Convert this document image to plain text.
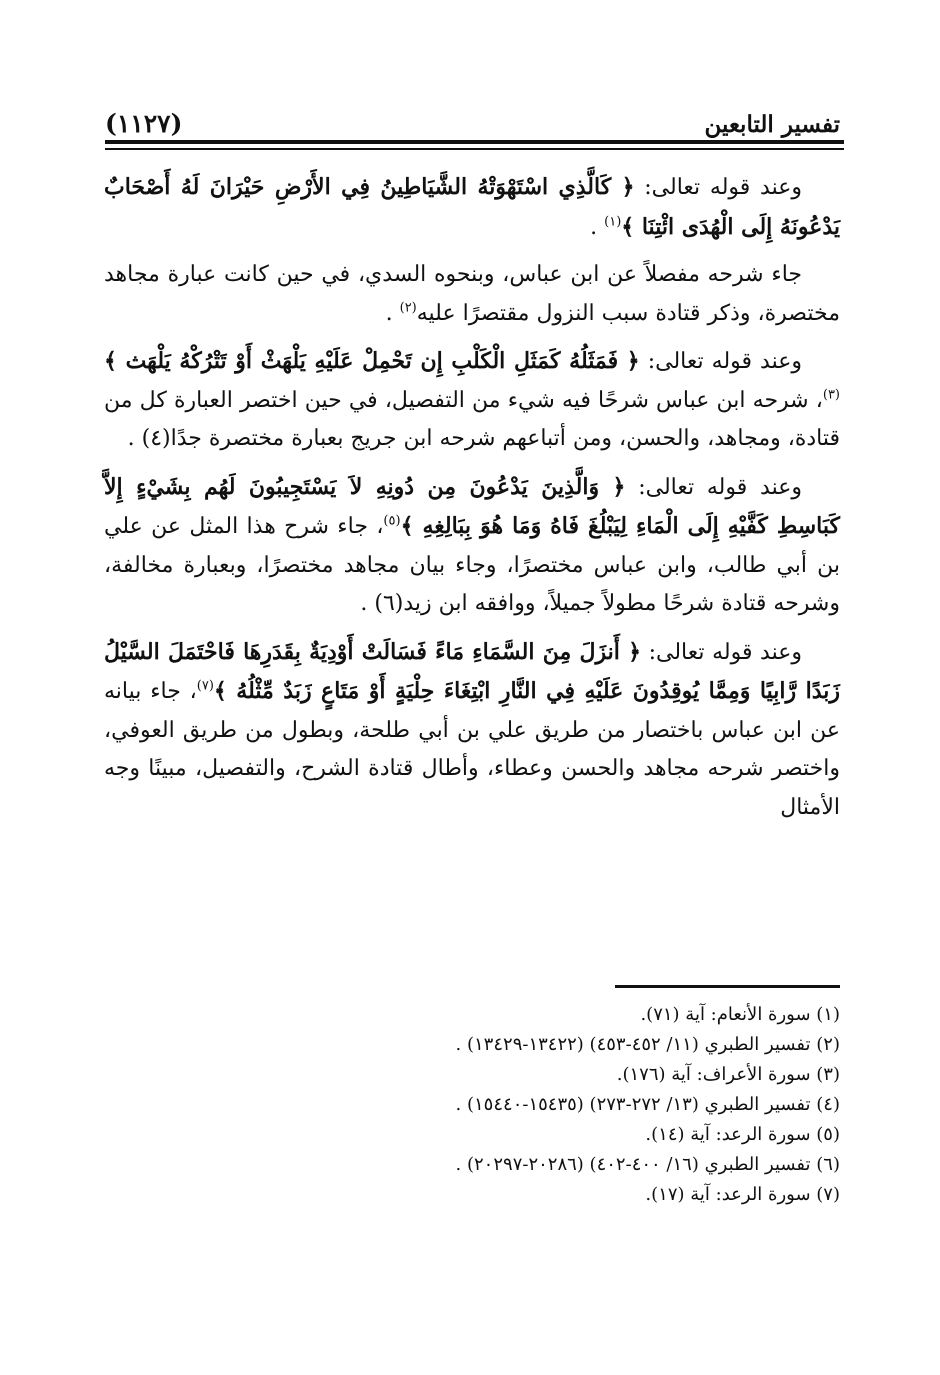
تفسير التابعين
(١١٢٧)

وعند قوله تعالى: ﴿ كَالَّذِي اسْتَهْوَتْهُ الشَّيَاطِينُ فِي الأَرْضِ حَيْرَانَ لَهُ أَصْحَابٌ يَدْعُونَهُ إِلَى الْهُدَى ائْتِنَا ﴾$^{(١)}$ .

جاء شرحه مفصلاً عن ابن عباس، وبنحوه السدي، في حين كانت عبارة مجاهد مختصرة، وذكر قتادة سبب النزول مقتصرًا عليه$^{(٢)}$ .

وعند قوله تعالى: ﴿ فَمَثَلُهُ كَمَثَلِ الْكَلْبِ إِن تَحْمِلْ عَلَيْهِ يَلْهَثْ أَوْ تَتْرُكْهُ يَلْهَث ﴾$^{(٣)}$، شرحه ابن عباس شرحًا فيه شيء من التفصيل، في حين اختصر العبارة كل من قتادة، ومجاهد، والحسن، ومن أتباعهم شرحه ابن جريج بعبارة مختصرة جدًا(٤) .

وعند قوله تعالى: ﴿ وَالَّذِينَ يَدْعُونَ مِن دُونِهِ لاَ يَسْتَجِيبُونَ لَهُم بِشَيْءٍ إِلاَّ كَبَاسِطِ كَفَّيْهِ إِلَى الْمَاءِ لِيَبْلُغَ فَاهُ وَمَا هُوَ بِبَالِغِهِ ﴾$^{(٥)}$، جاء شرح هذا المثل عن علي بن أبي طالب، وابن عباس مختصرًا، وجاء بيان مجاهد مختصرًا، وبعبارة مخالفة، وشرحه قتادة شرحًا مطولاً جميلاً، ووافقه ابن زيد(٦) .

وعند قوله تعالى: ﴿ أَنزَلَ مِنَ السَّمَاءِ مَاءً فَسَالَتْ أَوْدِيَةٌ بِقَدَرِهَا فَاحْتَمَلَ السَّيْلُ زَبَدًا رَّابِيًا وَمِمَّا يُوقِدُونَ عَلَيْهِ فِي النَّارِ ابْتِغَاءَ حِلْيَةٍ أَوْ مَتَاعٍ زَبَدٌ مِّثْلُهُ ﴾$^{(٧)}$، جاء بيانه عن ابن عباس باختصار من طريق علي بن أبي طلحة، وبطول من طريق العوفي، واختصر شرحه مجاهد والحسن وعطاء، وأطال قتادة الشرح، والتفصيل، مبينًا وجه الأمثال

(١) سورة الأنعام: آية (٧١).
(٢) تفسير الطبري (١١/ ٤٥٢-٤٥٣) (١٣٤٢٢-١٣٤٢٩) .
(٣) سورة الأعراف: آية (١٧٦).
(٤) تفسير الطبري (١٣/ ٢٧٢-٢٧٣) (١٥٤٣٥-١٥٤٤٠) .
(٥) سورة الرعد: آية (١٤).
(٦) تفسير الطبري (١٦/ ٤٠٠-٤٠٢) (٢٠٢٨٦-٢٠٢٩٧) .
(٧) سورة الرعد: آية (١٧).
